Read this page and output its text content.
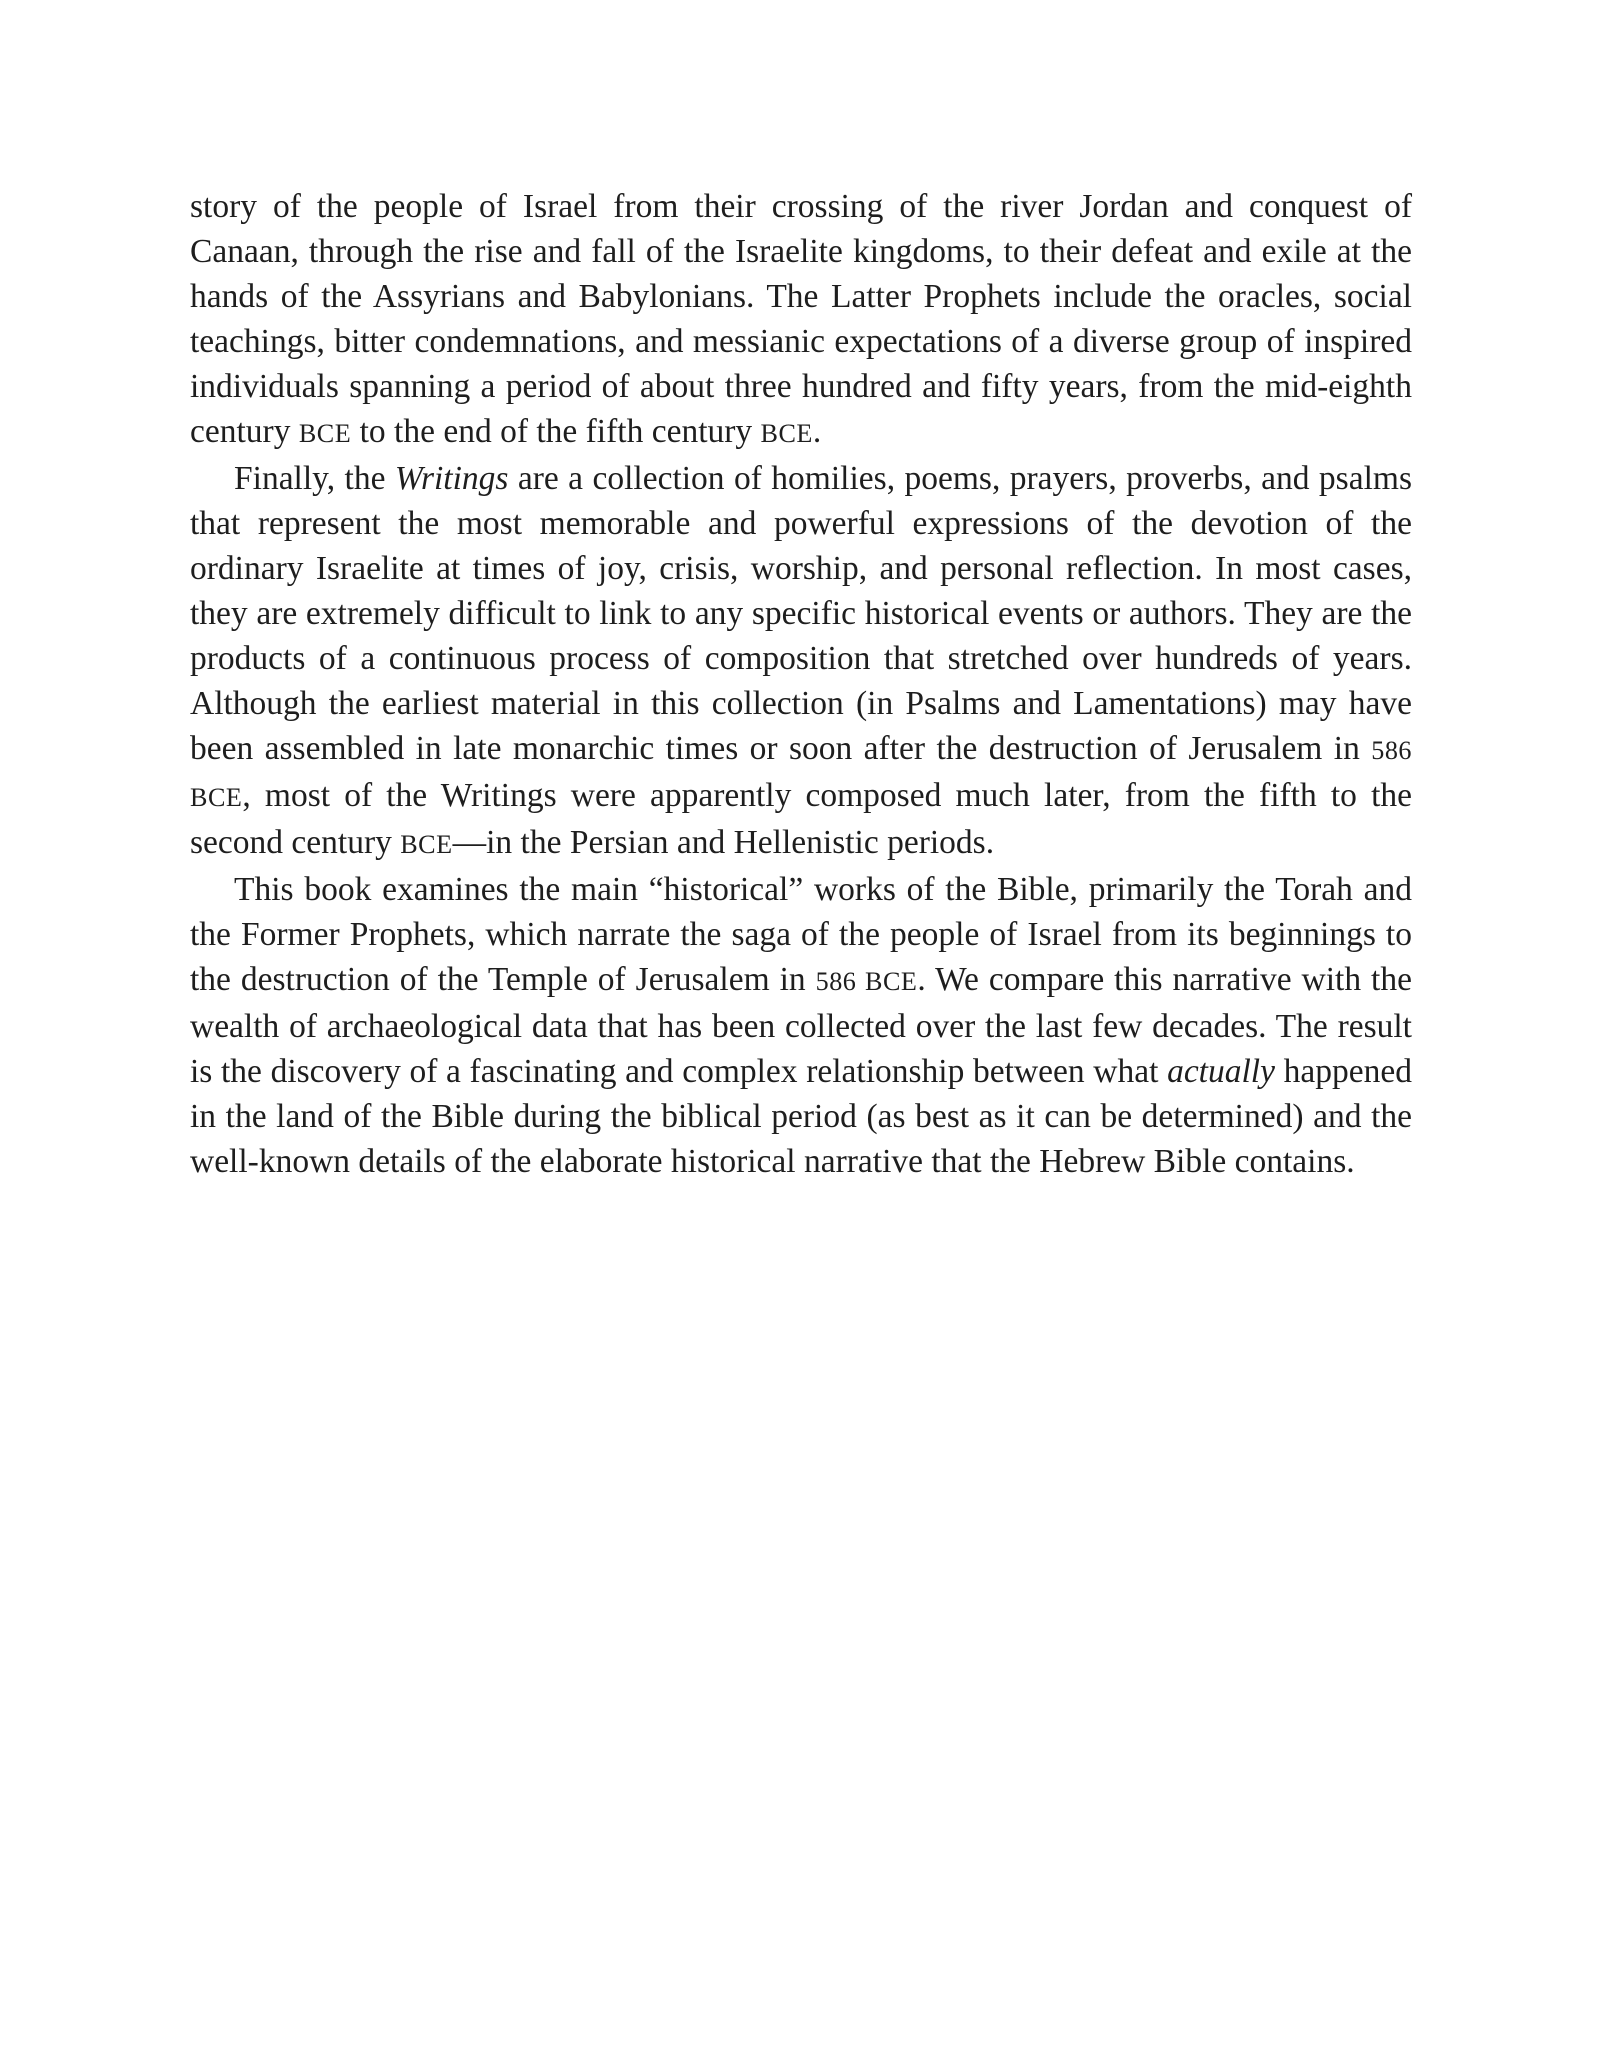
story of the people of Israel from their crossing of the river Jordan and conquest of Canaan, through the rise and fall of the Israelite kingdoms, to their defeat and exile at the hands of the Assyrians and Babylonians. The Latter Prophets include the oracles, social teachings, bitter condemnations, and messianic expectations of a diverse group of inspired individuals spanning a period of about three hundred and fifty years, from the mid-eighth century BCE to the end of the fifth century BCE.

Finally, the Writings are a collection of homilies, poems, prayers, proverbs, and psalms that represent the most memorable and powerful expressions of the devotion of the ordinary Israelite at times of joy, crisis, worship, and personal reflection. In most cases, they are extremely difficult to link to any specific historical events or authors. They are the products of a continuous process of composition that stretched over hundreds of years. Although the earliest material in this collection (in Psalms and Lamentations) may have been assembled in late monarchic times or soon after the destruction of Jerusalem in 586 BCE, most of the Writings were apparently composed much later, from the fifth to the second century BCE—in the Persian and Hellenistic periods.

This book examines the main “historical” works of the Bible, primarily the Torah and the Former Prophets, which narrate the saga of the people of Israel from its beginnings to the destruction of the Temple of Jerusalem in 586 BCE. We compare this narrative with the wealth of archaeological data that has been collected over the last few decades. The result is the discovery of a fascinating and complex relationship between what actually happened in the land of the Bible during the biblical period (as best as it can be determined) and the well-known details of the elaborate historical narrative that the Hebrew Bible contains.
